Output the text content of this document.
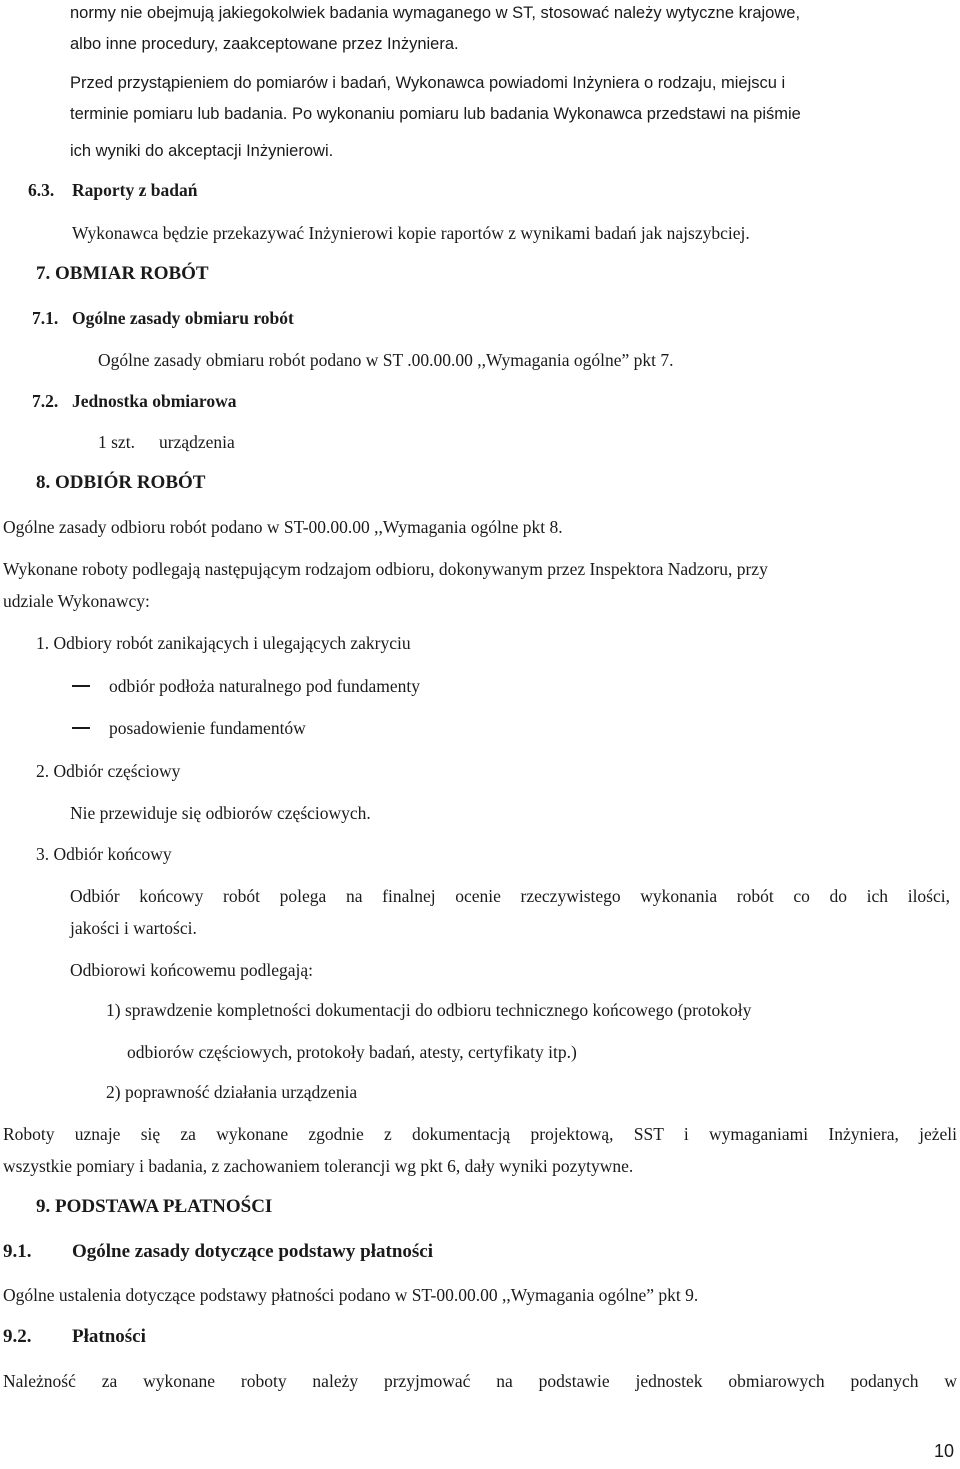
normy nie obejmują jakiegokolwiek badania wymaganego w ST, stosować należy wytyczne krajowe,
albo inne procedury, zaakceptowane przez Inżyniera.
Przed przystąpieniem do pomiarów i badań, Wykonawca powiadomi Inżyniera o rodzaju, miejscu i
terminie pomiaru lub badania. Po wykonaniu pomiaru lub badania Wykonawca przedstawi na piśmie
ich wyniki do akceptacji Inżynierowi.
6.3. Raporty z badań
Wykonawca będzie przekazywać Inżynierowi kopie raportów z wynikami badań jak najszybciej.
7. OBMIAR ROBÓT
7.1. Ogólne zasady obmiaru robót
Ogólne zasady obmiaru robót podano w ST .00.00.00 ,,Wymagania ogólne” pkt 7.
7.2. Jednostka obmiarowa
1 szt. urządzenia
8. ODBIÓR ROBÓT
Ogólne zasady odbioru robót podano w ST-00.00.00 ,,Wymagania ogólne pkt 8.
Wykonane roboty podlegają następującym rodzajom odbioru, dokonywanym przez Inspektora Nadzoru, przy
udziale Wykonawcy:
1. Odbiory robót zanikających i ulegających zakryciu
odbiór podłoża naturalnego pod fundamenty
posadowienie fundamentów
2. Odbiór częściowy
Nie przewiduje się odbiorów częściowych.
3. Odbiór końcowy
Odbiór końcowy robót polega na finalnej ocenie rzeczywistego wykonania robót co do ich ilości,
jakości i wartości.
Odbiorowi końcowemu podlegają:
1) sprawdzenie kompletności dokumentacji do odbioru technicznego końcowego (protokoły
odbiorów częściowych, protokoły badań, atesty, certyfikaty itp.)
2) poprawność działania urządzenia
Roboty uznaje się za wykonane zgodnie z dokumentacją projektową, SST i wymaganiami Inżyniera, jeżeli
wszystkie pomiary i badania, z zachowaniem tolerancji wg pkt 6, dały wyniki pozytywne.
9. PODSTAWA PŁATNOŚCI
9.1. Ogólne zasady dotyczące podstawy płatności
Ogólne ustalenia dotyczące podstawy płatności podano w ST-00.00.00 ,,Wymagania ogólne” pkt 9.
9.2. Płatności
Należność za wykonane roboty należy przyjmować na podstawie jednostek obmiarowych podanych w
10
